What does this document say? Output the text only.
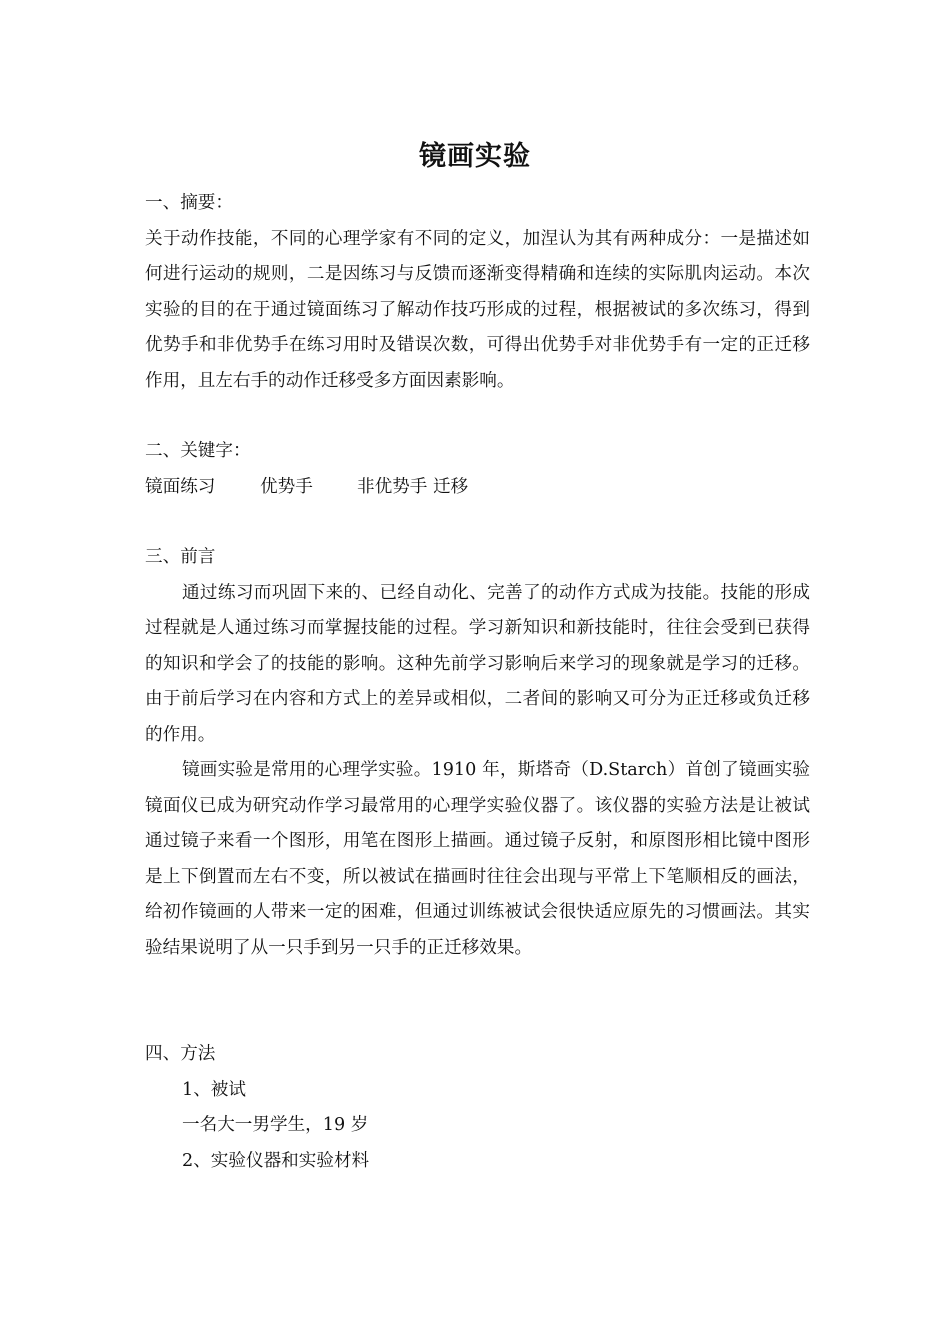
镜画实验

一、摘要：

关于动作技能，不同的心理学家有不同的定义，加涅认为其有两种成分：一是描述如何进行运动的规则，二是因练习与反馈而逐渐变得精确和连续的实际肌肉运动。本次实验的目的在于通过镜面练习了解动作技巧形成的过程，根据被试的多次练习，得到优势手和非优势手在练习用时及错误次数，可得出优势手对非优势手有一定的正迁移作用，且左右手的动作迁移受多方面因素影响。

二、关键字：

镜面练习	优势手	非优势手 迁移

三、前言

通过练习而巩固下来的、已经自动化、完善了的动作方式成为技能。技能的形成过程就是人通过练习而掌握技能的过程。学习新知识和新技能时，往往会受到已获得的知识和学会了的技能的影响。这种先前学习影响后来学习的现象就是学习的迁移。由于前后学习在内容和方式上的差异或相似，二者间的影响又可分为正迁移或负迁移的作用。

镜画实验是常用的心理学实验。1910 年，斯塔奇（D.Starch）首创了镜画实验镜面仪已成为研究动作学习最常用的心理学实验仪器了。该仪器的实验方法是让被试通过镜子来看一个图形，用笔在图形上描画。通过镜子反射，和原图形相比镜中图形是上下倒置而左右不变，所以被试在描画时往往会出现与平常上下笔顺相反的画法，给初作镜画的人带来一定的困难，但通过训练被试会很快适应原先的习惯画法。其实验结果说明了从一只手到另一只手的正迁移效果。

四、方法

1、被试

一名大一男学生，19 岁

2、实验仪器和实验材料
